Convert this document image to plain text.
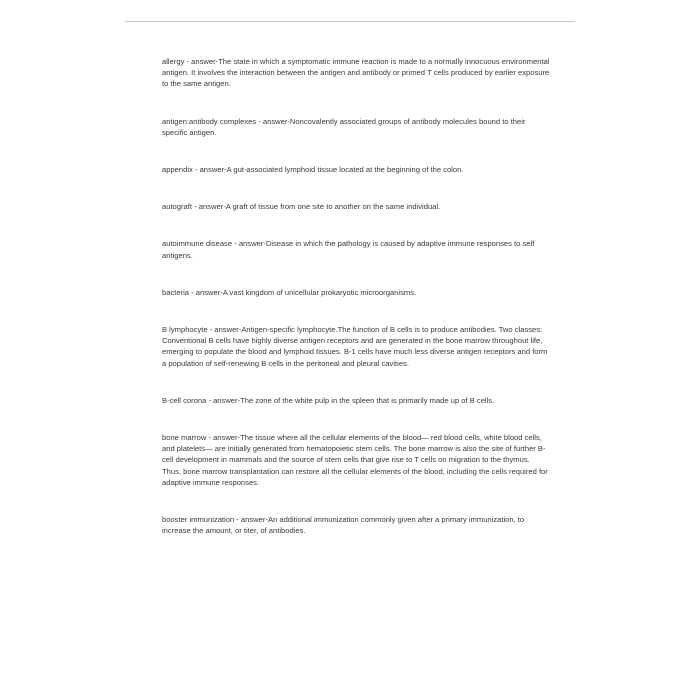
allergy - answer-The state in which a symptomatic immune reaction is made to a normally innocuous environmental antigen. It involves the interaction between the antigen and antibody or primed T cells produced by earlier exposure to the same antigen.

antigen:antibody complexes - answer-Noncovalently associated groups of antibody molecules bound to their specific antigen.

appendix - answer-A gut-associated lymphoid tissue located at the beginning of the colon.

autograft - answer-A graft of tissue from one site to another on the same individual.

autoimmune disease - answer-Disease in which the pathology is caused by adaptive immune responses to self antigens.

bacteria - answer-A vast kingdom of unicellular prokaryotic microorganisms.

B lymphocyte - answer-Antigen-specific lymphocyte.The function of B cells is to produce antibodies. Two classes: Conventional B cells have highly diverse antigen receptors and are generated in the bone marrow throughout life, emerging to populate the blood and lymphoid tissues. B-1 cells have much less diverse antigen receptors and form a population of self-renewing B cells in the peritoneal and pleural cavities.

B-cell corona - answer-The zone of the white pulp in the spleen that is primarily made up of B cells.

bone marrow - answer-The tissue where all the cellular elements of the blood— red blood cells, white blood cells, and platelets— are initially generated from hematopoietic stem cells. The bone marrow is also the site of further B-cell development in mammals and the source of stem cells that give rise to T cells on migration to the thymus. Thus, bone marrow transplantation can restore all the cellular elements of the blood, including the cells required for adaptive immune responses.

booster immunization - answer-An additional immunization commonly given after a primary immunization, to increase the amount, or titer, of antibodies.
